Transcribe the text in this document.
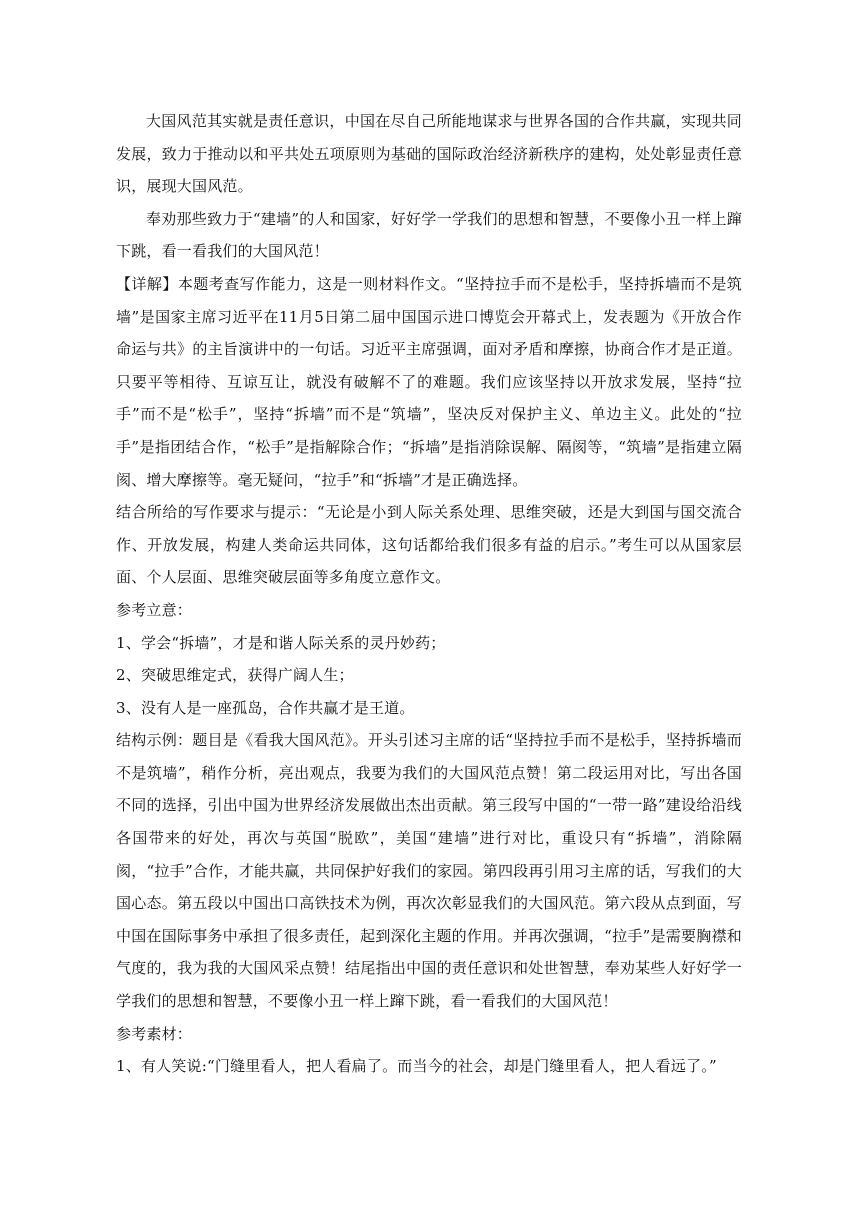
大国风范其实就是责任意识，中国在尽自己所能地谋求与世界各国的合作共赢，实现共同发展，致力于推动以和平共处五项原则为基础的国际政治经济新秩序的建构，处处彰显责任意识，展现大国风范。

奉劝那些致力于“建墙”的人和国家，好好学一学我们的思想和智慧，不要像小丑一样上蹿下跳，看一看我们的大国风范！

【详解】本题考查写作能力，这是一则材料作文。“坚持拉手而不是松手，坚持拆墙而不是筑墙”是国家主席习近平在11月5日第二届中国国示进口博览会开幕式上，发表题为《开放合作命运与共》的主旨演讲中的一句话。习近平主席强调，面对矛盾和摩擦，协商合作才是正道。只要平等相待、互谅互让，就没有破解不了的难题。我们应该坚持以开放求发展，坚持“拉手”而不是“松手”，坚持“拆墙”而不是“筑墙”，坚决反对保护主义、单边主义。此处的“拉手”是指团结合作，“松手”是指解除合作；“拆墙”是指消除误解、隔阂等，“筑墙”是指建立隔阂、增大摩擦等。毫无疑问，“拉手”和“拆墙”才是正确选择。

结合所给的写作要求与提示：“无论是小到人际关系处理、思维突破，还是大到国与国交流合作、开放发展，构建人类命运共同体，这句话都给我们很多有益的启示。”考生可以从国家层面、个人层面、思维突破层面等多角度立意作文。

参考立意：

1、学会“拆墙”，才是和谐人际关系的灵丹妙药；

2、突破思维定式，获得广阔人生；

3、没有人是一座孤岛，合作共赢才是王道。

结构示例：题目是《看我大国风范》。开头引述习主席的话“坚持拉手而不是松手，坚持拆墙而不是筑墙”，稍作分析，亮出观点，我要为我们的大国风范点赞！第二段运用对比，写出各国不同的选择，引出中国为世界经济发展做出杰出贡献。第三段写中国的“一带一路”建设给沿线各国带来的好处，再次与英国“脱欧”，美国“建墙”进行对比，重设只有“拆墙”，消除隔阂，“拉手”合作，才能共赢，共同保护好我们的家园。第四段再引用习主席的话，写我们的大国心态。第五段以中国出口高铁技术为例，再次次彰显我们的大国风范。第六段从点到面，写中国在国际事务中承担了很多责任，起到深化主题的作用。并再次强调，“拉手”是需要胸襟和气度的，我为我的大国风采点赞！结尾指出中国的责任意识和处世智慧，奉劝某些人好好学一学我们的思想和智慧，不要像小丑一样上蹿下跳，看一看我们的大国风范！

参考素材：

1、有人笑说:“门缝里看人，把人看扁了。而当今的社会，却是门缝里看人，把人看远了。”
